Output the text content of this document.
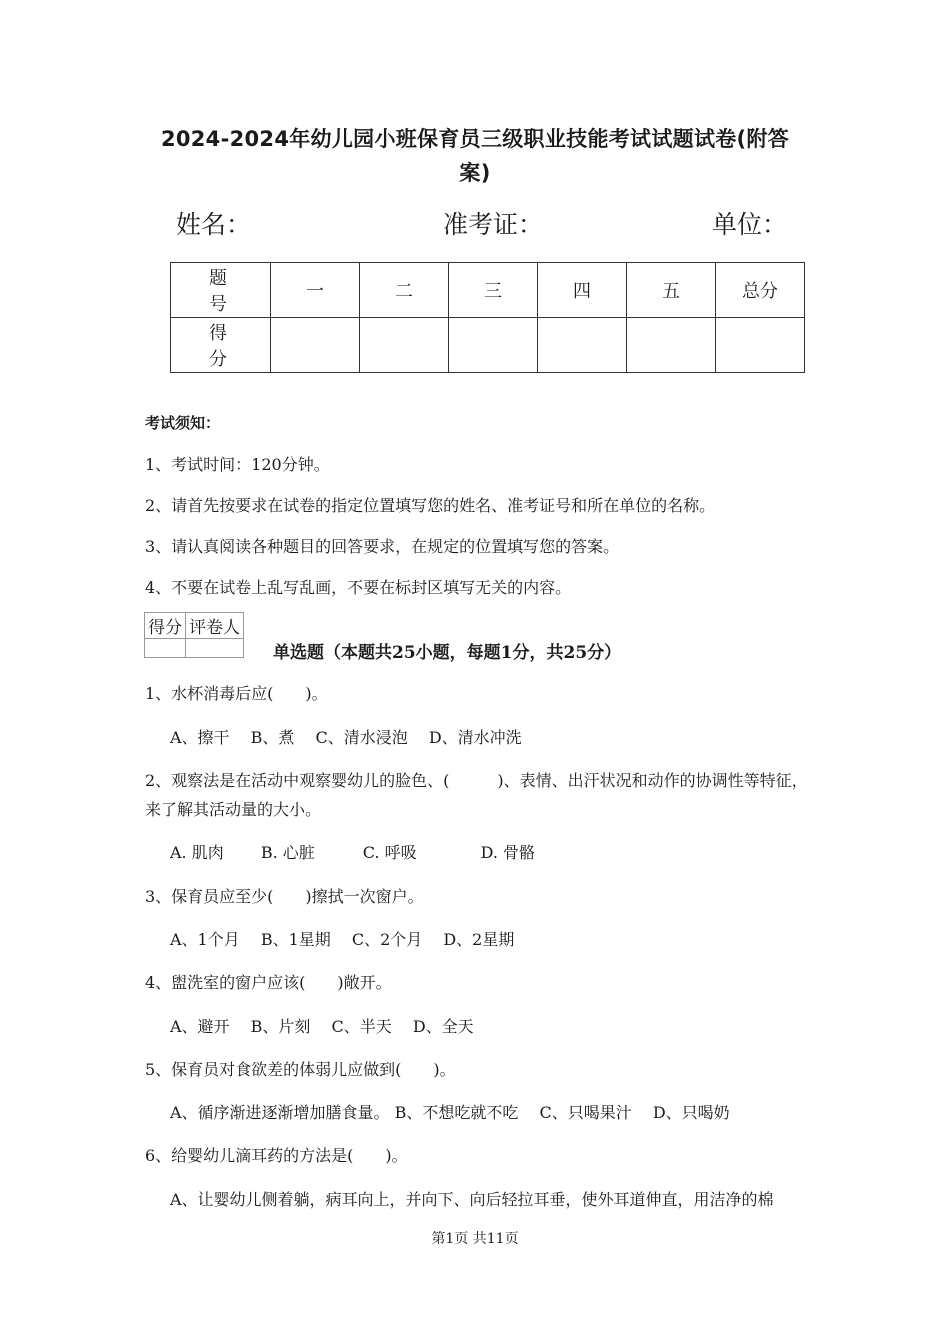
2024-2024年幼儿园小班保育员三级职业技能考试试题试卷(附答
案)
姓名：	准考证：	单位：
题　号	一	二	三	四	五	总分
得　分						
考试须知：
1、考试时间：120分钟。
2、请首先按要求在试卷的指定位置填写您的姓名、准考证号和所在单位的名称。
3、请认真阅读各种题目的回答要求，在规定的位置填写您的答案。
4、不要在试卷上乱写乱画，不要在标封区填写无关的内容。
得分	评卷人

单选题（本题共25小题，每题1分，共25分）
1、水杯消毒后应(　　)。
A、擦干　 B、煮　 C、清水浸泡　 D、清水冲洗
2、观察法是在活动中观察婴幼儿的脸色、(　　　)、表情、出汗状况和动作的协调性等特征，
来了解其活动量的大小。
A. 肌肉　　 B. 心脏　　　C. 呼吸　　　　D. 骨骼
3、保育员应至少(　　)擦拭一次窗户。
A、1个月　 B、1星期　 C、2个月　 D、2星期
4、盥洗室的窗户应该(　　)敞开。
A、避开　 B、片刻　 C、半天　 D、全天
5、保育员对食欲差的体弱儿应做到(　　)。
A、循序渐进逐渐增加膳食量。 B、不想吃就不吃　 C、只喝果汁　 D、只喝奶
6、给婴幼儿滴耳药的方法是(　　)。
A、让婴幼儿侧着躺，病耳向上，并向下、向后轻拉耳垂，使外耳道伸直，用洁净的棉
第1页 共11页
